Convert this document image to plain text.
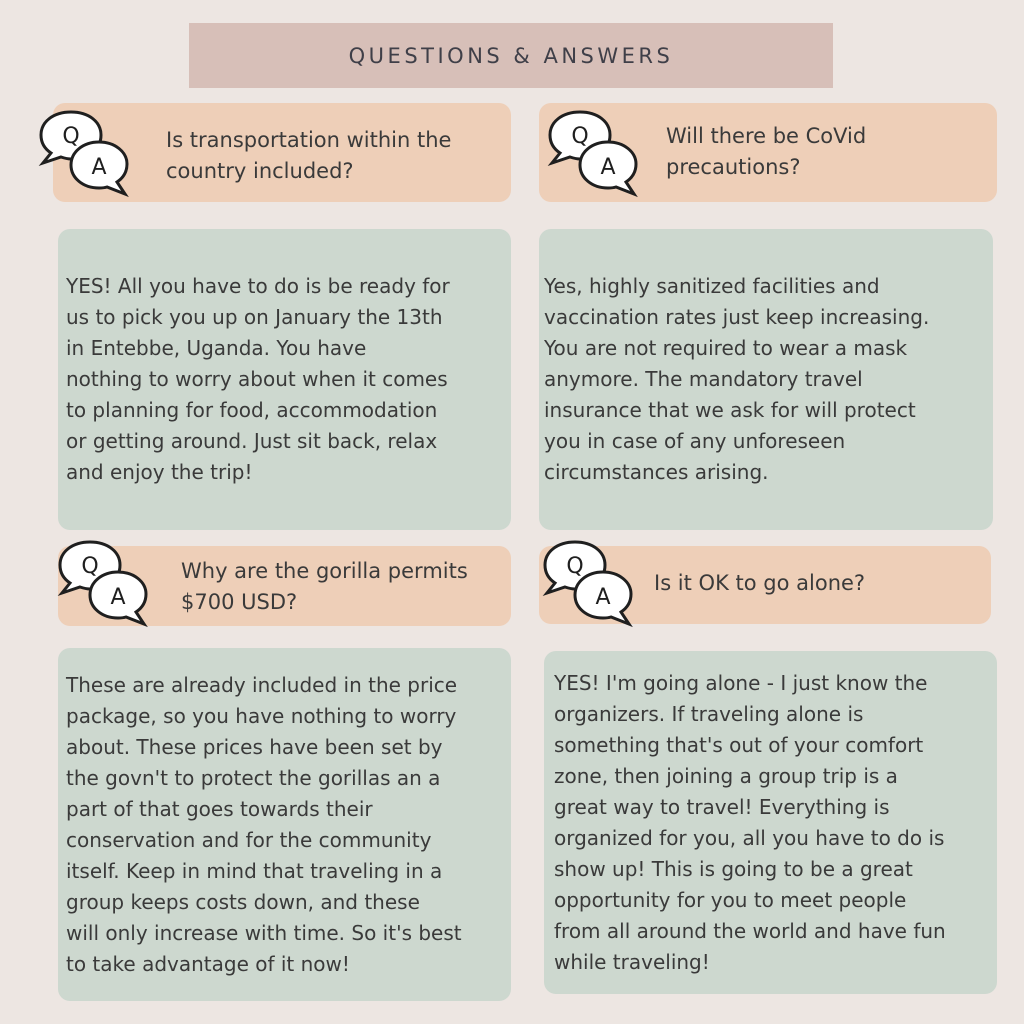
QUESTIONS & ANSWERS
Q
A
Is transportation within the
country included?
YES! All you have to do is be ready for
us to pick you up on January the 13th
in Entebbe, Uganda. You have
nothing to worry about when it comes
to planning for food, accommodation
or getting around. Just sit back, relax
and enjoy the trip!
Q
A
Will there be CoVid
precautions?
Yes, highly sanitized facilities and
vaccination rates just keep increasing.
You are not required to wear a mask
anymore. The mandatory travel
insurance that we ask for will protect
you in case of any unforeseen
circumstances arising.
Q
A
Why are the gorilla permits
$700 USD?
These are already included in the price
package, so you have nothing to worry
about. These prices have been set by
the govn't to protect the gorillas an a
part of that goes towards their
conservation and for the community
itself. Keep in mind that traveling in a
group keeps costs down, and these
will only increase with time. So it's best
to take advantage of it now!
Q
A
Is it OK to go alone?
YES! I'm going alone - I just know the
organizers. If traveling alone is
something that's out of your comfort
zone, then joining a group trip is a
great way to travel! Everything is
organized for you, all you have to do is
show up! This is going to be a great
opportunity for you to meet people
from all around the world and have fun
while traveling!
